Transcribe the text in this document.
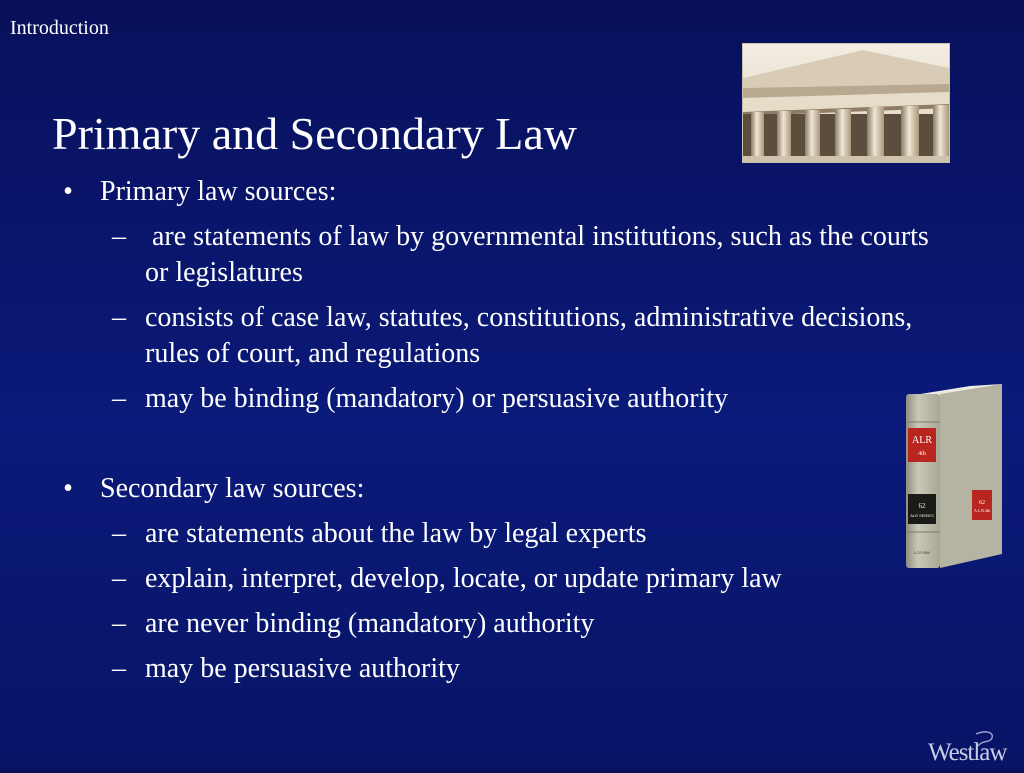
Introduction
Primary and Secondary Law
• Primary law sources:
– are statements of law by governmental institutions, such as the courts or legislatures
– consists of case law, statutes, constitutions, administrative decisions, rules of court, and regulations
– may be binding (mandatory) or persuasive authority
• Secondary law sources:
– are statements about the law by legal experts
– explain, interpret, develop, locate, or update primary law
– are never binding (mandatory) authority
– may be persuasive authority
ALR
4th
62
ALR SERIES
62
A.L.R.4th
LCP-BW
Westlaw
